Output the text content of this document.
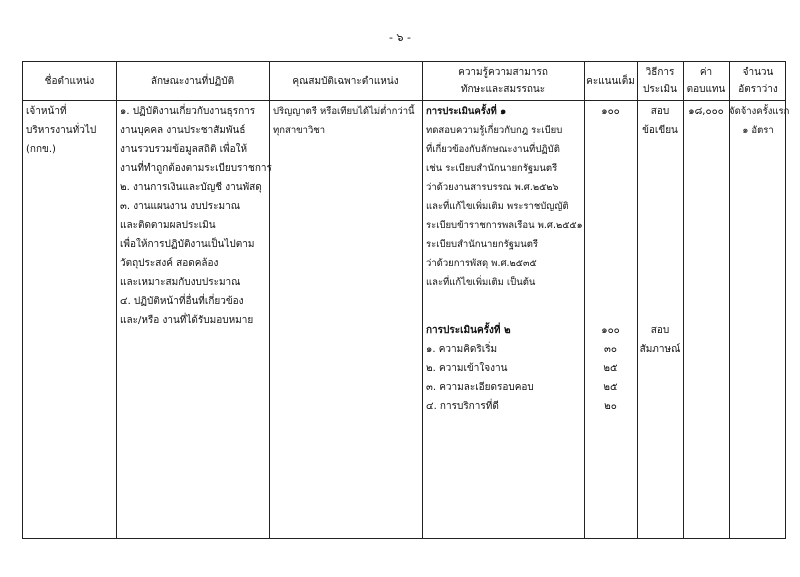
- ๖ -
ชื่อตำแหน่ง	ลักษณะงานที่ปฏิบัติ	คุณสมบัติเฉพาะตำแหน่ง
ความรู้ความสามารถ
ทักษะและสมรรถนะ
คะแนนเต็ม
วิธีการ
ประเมิน
ค่า
ตอบแทน
จำนวน
อัตราว่าง
เจ้าหน้าที่
บริหารงานทั่วไป
(กกข.)
๑. ปฏิบัติงานเกี่ยวกับงานธุรการ
งานบุคคล งานประชาสัมพันธ์
งานรวบรวมข้อมูลสถิติ เพื่อให้
งานที่ทำถูกต้องตามระเบียบราชการ
๒. งานการเงินและบัญชี งานพัสดุ
๓. งานแผนงาน งบประมาณ
และติดตามผลประเมิน
เพื่อให้การปฏิบัติงานเป็นไปตาม
วัตถุประสงค์ สอดคล้อง
และเหมาะสมกับงบประมาณ
๔. ปฏิบัติหน้าที่อื่นที่เกี่ยวข้อง
และ/หรือ งานที่ได้รับมอบหมาย
ปริญญาตรี หรือเทียบได้ไม่ต่ำกว่านี้
ทุกสาขาวิชา
การประเมินครั้งที่ ๑
ทดสอบความรู้เกี่ยวกับกฎ ระเบียบ
ที่เกี่ยวข้องกับลักษณะงานที่ปฏิบัติ
เช่น ระเบียบสำนักนายกรัฐมนตรี
ว่าด้วยงานสารบรรณ พ.ศ.๒๕๒๖
และที่แก้ไขเพิ่มเติม พระราชบัญญัติ
ระเบียบข้าราชการพลเรือน พ.ศ.๒๕๕๑
ระเบียบสำนักนายกรัฐมนตรี
ว่าด้วยการพัสดุ พ.ศ.๒๕๓๕
และที่แก้ไขเพิ่มเติม เป็นต้น
การประเมินครั้งที่ ๒
๑. ความคิดริเริ่ม
๒. ความเข้าใจงาน
๓. ความละเอียดรอบคอบ
๔. การบริการที่ดี
๑๐๐
๑๐๐
๓๐
๒๕
๒๕
๒๐
สอบ
ข้อเขียน
สอบ
สัมภาษณ์
๑๘,๐๐๐ จัดจ้างครั้งแรก
๑ อัตรา
